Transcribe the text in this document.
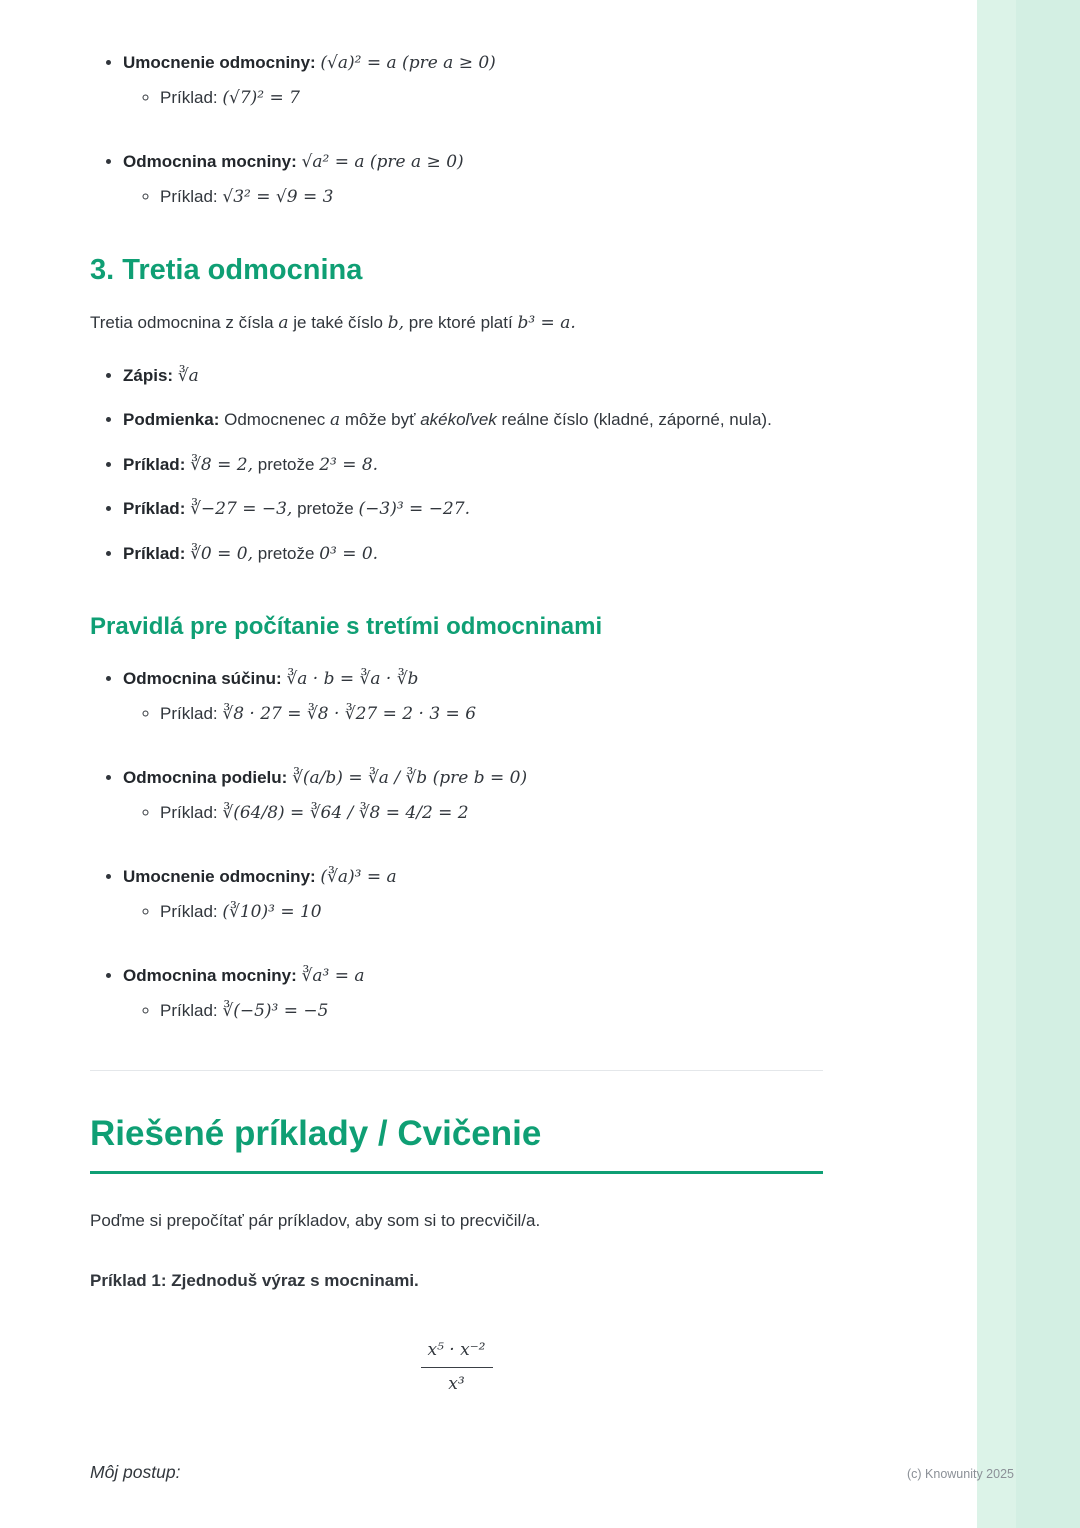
• Umocnenie odmocniny: (√a)² = a (pre a ≥ 0)
◦ Príklad: (√7)² = 7
• Odmocnina mocniny: √a² = a (pre a ≥ 0)
◦ Príklad: √3² = √9 = 3
3. Tretia odmocnina

Tretia odmocnina z čísla a je také číslo b, pre ktoré platí b³ = a.

• Zápis: ∛a
• Podmienka: Odmocnenec a môže byť akékoľvek reálne číslo (kladné, záporné, nula).
• Príklad: ∛8 = 2, pretože 2³ = 8.
• Príklad: ∛−27 = −3, pretože (−3)³ = −27.
• Príklad: ∛0 = 0, pretože 0³ = 0.
Pravidlá pre počítanie s tretími odmocninami
• Odmocnina súčinu: ∛a · b = ∛a · ∛b
◦ Príklad: ∛8 · 27 = ∛8 · ∛27 = 2 · 3 = 6
• Odmocnina podielu: ∛(a/b) = ∛a / ∛b (pre b = 0)
◦ Príklad: ∛(64/8) = ∛64 / ∛8 = 4/2 = 2
• Umocnenie odmocniny: (∛a)³ = a
◦ Príklad: (∛10)³ = 10
• Odmocnina mocniny: ∛a³ = a
◦ Príklad: ∛(−5)³ = −5
Riešené príklady / Cvičenie

Poďme si prepočítať pár príkladov, aby som si to precvičil/a.

Príklad 1: Zjednoduš výraz s mocninami.

$\frac{\text{x⁵ · x⁻²}}{\text{x³}}$

Môj postup:	(c) Knowunity 2025
